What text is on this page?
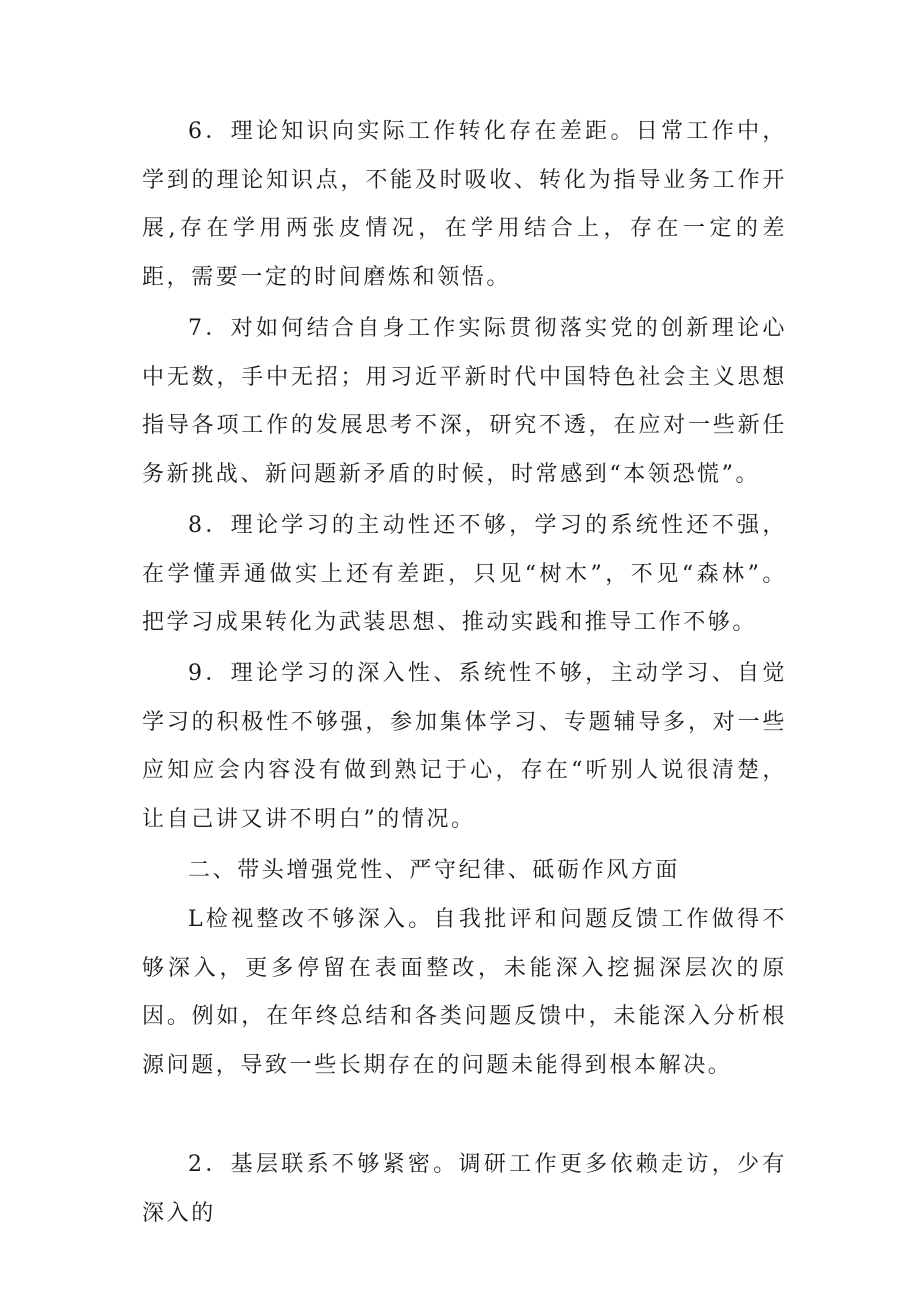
6．理论知识向实际工作转化存在差距。日常工作中，学到的理论知识点，不能及时吸收、转化为指导业务工作开展,存在学用两张皮情况，在学用结合上，存在一定的差距，需要一定的时间磨炼和领悟。

7．对如何结合自身工作实际贯彻落实党的创新理论心中无数，手中无招；用习近平新时代中国特色社会主义思想指导各项工作的发展思考不深，研究不透，在应对一些新任务新挑战、新问题新矛盾的时候，时常感到“本领恐慌”。

8．理论学习的主动性还不够，学习的系统性还不强，在学懂弄通做实上还有差距，只见“树木”，不见“森林”。把学习成果转化为武装思想、推动实践和推导工作不够。

9．理论学习的深入性、系统性不够，主动学习、自觉学习的积极性不够强，参加集体学习、专题辅导多，对一些应知应会内容没有做到熟记于心，存在“听别人说很清楚，让自己讲又讲不明白”的情况。

二、带头增强党性、严守纪律、砥砺作风方面

L检视整改不够深入。自我批评和问题反馈工作做得不够深入，更多停留在表面整改，未能深入挖掘深层次的原因。例如，在年终总结和各类问题反馈中，未能深入分析根源问题，导致一些长期存在的问题未能得到根本解决。

2．基层联系不够紧密。调研工作更多依赖走访，少有深入的
